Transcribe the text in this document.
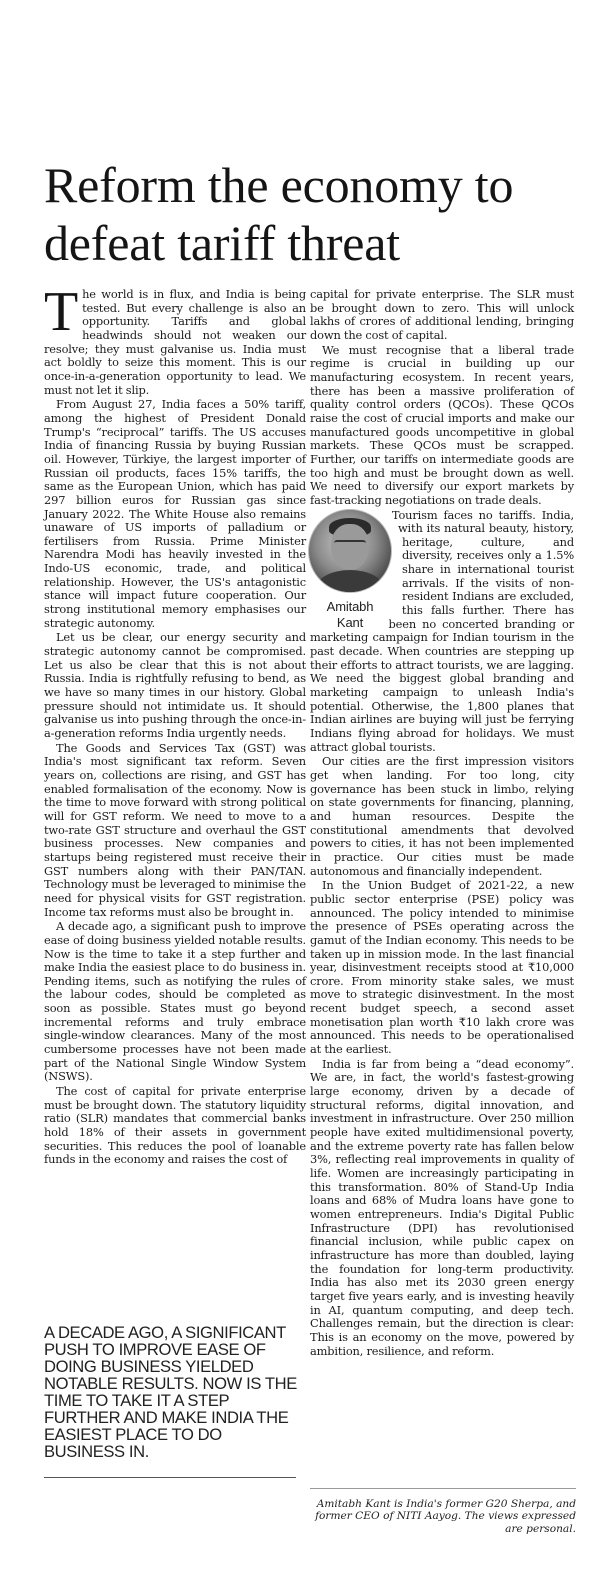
Reform the economy to defeat tariff threat

The world is in flux, and India is being tested. But every challenge is also an opportunity. Tariffs and global headwinds should not weaken our resolve; they must galvanise us. India must act boldly to seize this moment. This is our once-in-a-generation opportunity to lead. We must not let it slip.

From August 27, India faces a 50% tariff, among the highest of President Donald Trump's “reciprocal” tariffs. The US accuses India of financing Russia by buying Russian oil. However, Türkiye, the largest importer of Russian oil products, faces 15% tariffs, the same as the European Union, which has paid 297 billion euros for Russian gas since January 2022. The White House also remains unaware of US imports of palladium or fertilisers from Russia. Prime Minister Narendra Modi has heavily invested in the Indo-US economic, trade, and political relationship. However, the US's antagonistic stance will impact future cooperation. Our strong institutional memory emphasises our strategic autonomy.

Let us be clear, our energy security and strategic autonomy cannot be compromised. Let us also be clear that this is not about Russia. India is rightfully refusing to bend, as we have so many times in our history. Global pressure should not intimidate us. It should galvanise us into pushing through the once-in-a-generation reforms India urgently needs.

The Goods and Services Tax (GST) was India's most significant tax reform. Seven years on, collections are rising, and GST has enabled formalisation of the economy. Now is the time to move forward with strong political will for GST reform. We need to move to a two-rate GST structure and overhaul the GST business processes. New companies and startups being registered must receive their GST numbers along with their PAN/TAN. Technology must be leveraged to minimise the need for physical visits for GST registration. Income tax reforms must also be brought in.

A decade ago, a significant push to improve ease of doing business yielded notable results. Now is the time to take it a step further and make India the easiest place to do business in. Pending items, such as notifying the rules of the labour codes, should be completed as soon as possible. States must go beyond incremental reforms and truly embrace single-window clearances. Many of the most cumbersome processes have not been made part of the National Single Window System (NSWS).

The cost of capital for private enterprise must be brought down. The statutory liquidity ratio (SLR) mandates that commercial banks hold 18% of their assets in government securities. This reduces the pool of loanable funds in the economy and raises the cost of

capital for private enterprise. The SLR must be brought down to zero. This will unlock lakhs of crores of additional lending, bringing down the cost of capital.

We must recognise that a liberal trade regime is crucial in building up our manufacturing ecosystem. In recent years, there has been a massive proliferation of quality control orders (QCOs). These QCOs raise the cost of crucial imports and make our manufactured goods uncompetitive in global markets. These QCOs must be scrapped. Further, our tariffs on intermediate goods are too high and must be brought down as well. We need to diversify our export markets by fast-tracking negotiations on trade deals.

Amitabh
Kant
Tourism faces no tariffs. India, with its natural beauty, history, heritage, culture, and diversity, receives only a 1.5% share in international tourist arrivals. If the visits of non-resident Indians are excluded, this falls further. There has been no concerted branding or marketing campaign for Indian tourism in the past decade. When countries are stepping up their efforts to attract tourists, we are lagging. We need the biggest global branding and marketing campaign to unleash India's potential. Otherwise, the 1,800 planes that Indian airlines are buying will just be ferrying Indians flying abroad for holidays. We must attract global tourists.

Our cities are the first impression visitors get when landing. For too long, city governance has been stuck in limbo, relying on state governments for financing, planning, and human resources. Despite the constitutional amendments that devolved powers to cities, it has not been implemented in practice. Our cities must be made autonomous and financially independent.

In the Union Budget of 2021-22, a new public sector enterprise (PSE) policy was announced. The policy intended to minimise the presence of PSEs operating across the gamut of the Indian economy. This needs to be taken up in mission mode. In the last financial year, disinvestment receipts stood at ₹10,000 crore. From minority stake sales, we must move to strategic disinvestment. In the most recent budget speech, a second asset monetisation plan worth ₹10 lakh crore was announced. This needs to be operationalised at the earliest.

India is far from being a “dead economy”. We are, in fact, the world's fastest-growing large economy, driven by a decade of structural reforms, digital innovation, and investment in infrastructure. Over 250 million people have exited multidimensional poverty, and the extreme poverty rate has fallen below 3%, reflecting real improvements in quality of life. Women are increasingly participating in this transformation. 80% of Stand-Up India loans and 68% of Mudra loans have gone to women entrepreneurs. India's Digital Public Infrastructure (DPI) has revolutionised financial inclusion, while public capex on infrastructure has more than doubled, laying the foundation for long-term productivity. India has also met its 2030 green energy target five years early, and is investing heavily in AI, quantum computing, and deep tech. Challenges remain, but the direction is clear: This is an economy on the move, powered by ambition, resilience, and reform.

A DECADE AGO, A SIGNIFICANT PUSH TO IMPROVE EASE OF DOING BUSINESS YIELDED NOTABLE RESULTS. NOW IS THE TIME TO TAKE IT A STEP FURTHER AND MAKE INDIA THE EASIEST PLACE TO DO BUSINESS IN.

Amitabh Kant is India's former G20 Sherpa, and former CEO of NITI Aayog. The views expressed are personal.
